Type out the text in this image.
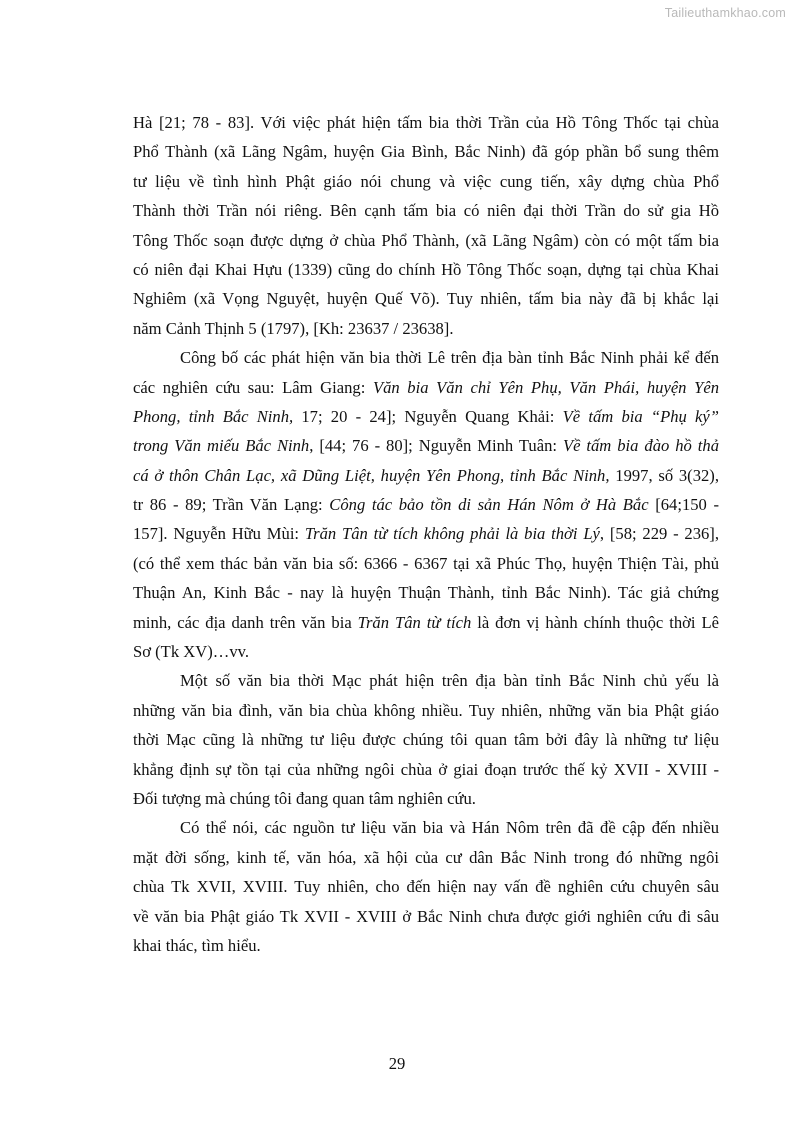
Tailieuthamkhao.com
Hà [21; 78 - 83]. Với việc phát hiện tấm bia thời Trần của Hồ Tông Thốc tại chùa
Phổ Thành (xã Lãng Ngâm, huyện Gia Bình, Bắc Ninh) đã góp phần bổ sung thêm
tư liệu về tình hình Phật giáo nói chung và việc cung tiến, xây dựng chùa Phổ
Thành thời Trần nói riêng. Bên cạnh tấm bia có niên đại thời Trần do sử gia Hồ
Tông Thốc soạn được dựng ở chùa Phổ Thành, (xã Lãng Ngâm) còn có một tấm bia
có niên đại Khai Hựu (1339) cũng do chính Hồ Tông Thốc soạn, dựng tại chùa Khai
Nghiêm (xã Vọng Nguyệt, huyện Quế Võ). Tuy nhiên, tấm bia này đã bị khắc lại
năm Cảnh Thịnh 5 (1797), [Kh: 23637 / 23638].
Công bố các phát hiện văn bia thời Lê trên địa bàn tỉnh Bắc Ninh phải kể đến
các nghiên cứu sau: Lâm Giang: Văn bia Văn chỉ Yên Phụ, Văn Phái, huyện Yên
Phong, tỉnh Bắc Ninh, 17; 20 - 24]; Nguyễn Quang Khải: Về tấm bia “Phụ ký”
trong Văn miếu Bắc Ninh, [44; 76 - 80]; Nguyễn Minh Tuân: Về tấm bia đào hồ thả
cá ở thôn Chân Lạc, xã Dũng Liệt, huyện Yên Phong, tỉnh Bắc Ninh, 1997, số 3(32),
tr 86 - 89; Trần Văn Lạng: Công tác bảo tồn di sản Hán Nôm ở Hà Bắc [64;150 -
157]. Nguyễn Hữu Mùi: Trăn Tân từ tích không phải là bia thời Lý, [58; 229 - 236],
(có thể xem thác bản văn bia số: 6366 - 6367 tại xã Phúc Thọ, huyện Thiện Tài, phủ
Thuận An, Kinh Bắc - nay là huyện Thuận Thành, tỉnh Bắc Ninh). Tác giả chứng
minh, các địa danh trên văn bia Trăn Tân từ tích là đơn vị hành chính thuộc thời Lê
Sơ (Tk XV)…vv.
Một số văn bia thời Mạc phát hiện trên địa bàn tỉnh Bắc Ninh chủ yếu là
những văn bia đình, văn bia chùa không nhiều. Tuy nhiên, những văn bia Phật giáo
thời Mạc cũng là những tư liệu được chúng tôi quan tâm bởi đây là những tư liệu
khẳng định sự tồn tại của những ngôi chùa ở giai đoạn trước thế kỷ XVII - XVIII -
Đối tượng mà chúng tôi đang quan tâm nghiên cứu.
Có thể nói, các nguồn tư liệu văn bia và Hán Nôm trên đã đề cập đến nhiều
mặt đời sống, kinh tế, văn hóa, xã hội của cư dân Bắc Ninh trong đó những ngôi
chùa Tk XVII, XVIII. Tuy nhiên, cho đến hiện nay vấn đề nghiên cứu chuyên sâu
về văn bia Phật giáo Tk XVII - XVIII ở Bắc Ninh chưa được giới nghiên cứu đi sâu
khai thác, tìm hiểu.
29
